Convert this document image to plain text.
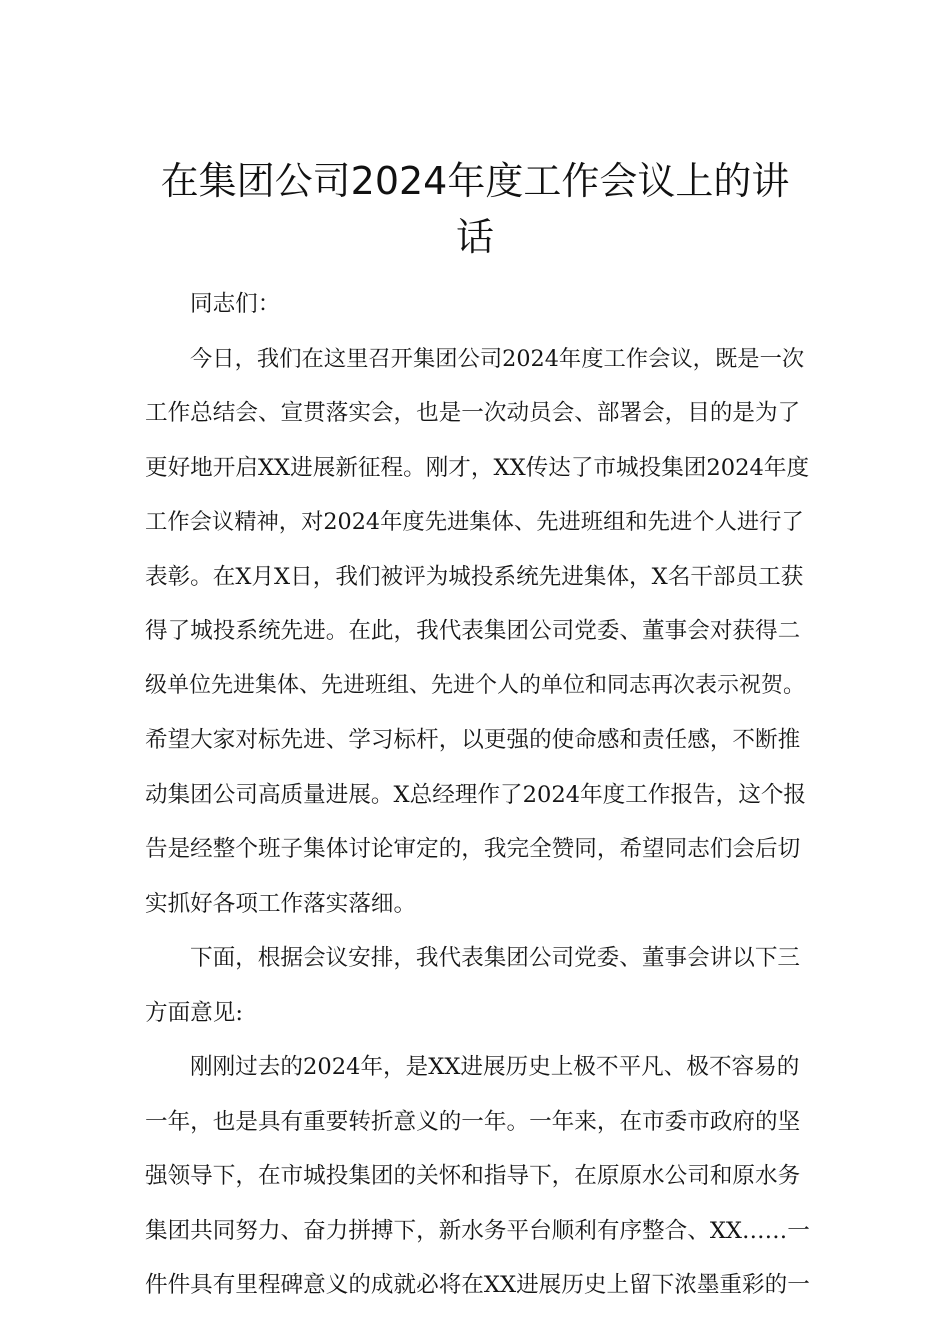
在集团公司2024年度工作会议上的讲
话
同志们：
今日，我们在这里召开集团公司2024年度工作会议，既是一次
工作总结会、宣贯落实会，也是一次动员会、部署会，目的是为了
更好地开启XX进展新征程。刚才，XX传达了市城投集团2024年度
工作会议精神，对2024年度先进集体、先进班组和先进个人进行了
表彰。在X月X日，我们被评为城投系统先进集体，X名干部员工获
得了城投系统先进。在此，我代表集团公司党委、董事会对获得二
级单位先进集体、先进班组、先进个人的单位和同志再次表示祝贺。
希望大家对标先进、学习标杆，以更强的使命感和责任感，不断推
动集团公司高质量进展。X总经理作了2024年度工作报告，这个报
告是经整个班子集体讨论审定的，我完全赞同，希望同志们会后切
实抓好各项工作落实落细。
下面，根据会议安排，我代表集团公司党委、董事会讲以下三
方面意见:
刚刚过去的2024年，是XX进展历史上极不平凡、极不容易的
一年，也是具有重要转折意义的一年。一年来，在市委市政府的坚
强领导下，在市城投集团的关怀和指导下，在原原水公司和原水务
集团共同努力、奋力拼搏下，新水务平台顺利有序整合、XX……一
件件具有里程碑意义的成就必将在XX进展历史上留下浓墨重彩的一
